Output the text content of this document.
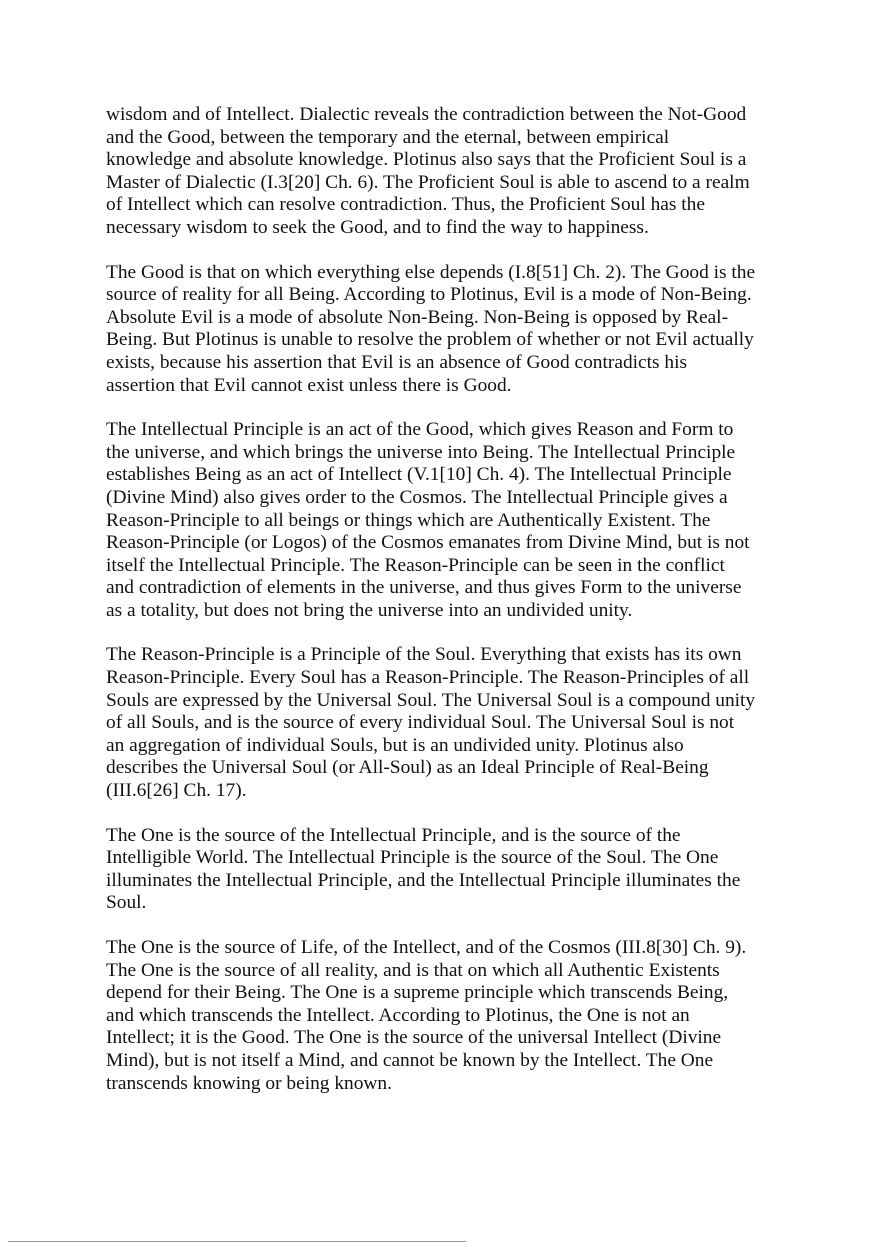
wisdom and of Intellect. Dialectic reveals the contradiction between the Not-Good
and the Good, between the temporary and the eternal, between empirical
knowledge and absolute knowledge. Plotinus also says that the Proficient Soul is a
Master of Dialectic (I.3[20] Ch. 6). The Proficient Soul is able to ascend to a realm
of Intellect which can resolve contradiction. Thus, the Proficient Soul has the
necessary wisdom to seek the Good, and to find the way to happiness.

The Good is that on which everything else depends (I.8[51] Ch. 2). The Good is the
source of reality for all Being. According to Plotinus, Evil is a mode of Non-Being.
Absolute Evil is a mode of absolute Non-Being. Non-Being is opposed by Real-
Being. But Plotinus is unable to resolve the problem of whether or not Evil actually
exists, because his assertion that Evil is an absence of Good contradicts his
assertion that Evil cannot exist unless there is Good.

The Intellectual Principle is an act of the Good, which gives Reason and Form to
the universe, and which brings the universe into Being. The Intellectual Principle
establishes Being as an act of Intellect (V.1[10] Ch. 4). The Intellectual Principle
(Divine Mind) also gives order to the Cosmos. The Intellectual Principle gives a
Reason-Principle to all beings or things which are Authentically Existent. The
Reason-Principle (or Logos) of the Cosmos emanates from Divine Mind, but is not
itself the Intellectual Principle. The Reason-Principle can be seen in the conflict
and contradiction of elements in the universe, and thus gives Form to the universe
as a totality, but does not bring the universe into an undivided unity.

The Reason-Principle is a Principle of the Soul. Everything that exists has its own
Reason-Principle. Every Soul has a Reason-Principle. The Reason-Principles of all
Souls are expressed by the Universal Soul. The Universal Soul is a compound unity
of all Souls, and is the source of every individual Soul. The Universal Soul is not
an aggregation of individual Souls, but is an undivided unity. Plotinus also
describes the Universal Soul (or All-Soul) as an Ideal Principle of Real-Being
(III.6[26] Ch. 17).

The One is the source of the Intellectual Principle, and is the source of the
Intelligible World. The Intellectual Principle is the source of the Soul. The One
illuminates the Intellectual Principle, and the Intellectual Principle illuminates the
Soul.

The One is the source of Life, of the Intellect, and of the Cosmos (III.8[30] Ch. 9).
The One is the source of all reality, and is that on which all Authentic Existents
depend for their Being. The One is a supreme principle which transcends Being,
and which transcends the Intellect. According to Plotinus, the One is not an
Intellect; it is the Good. The One is the source of the universal Intellect (Divine
Mind), but is not itself a Mind, and cannot be known by the Intellect. The One
transcends knowing or being known.
